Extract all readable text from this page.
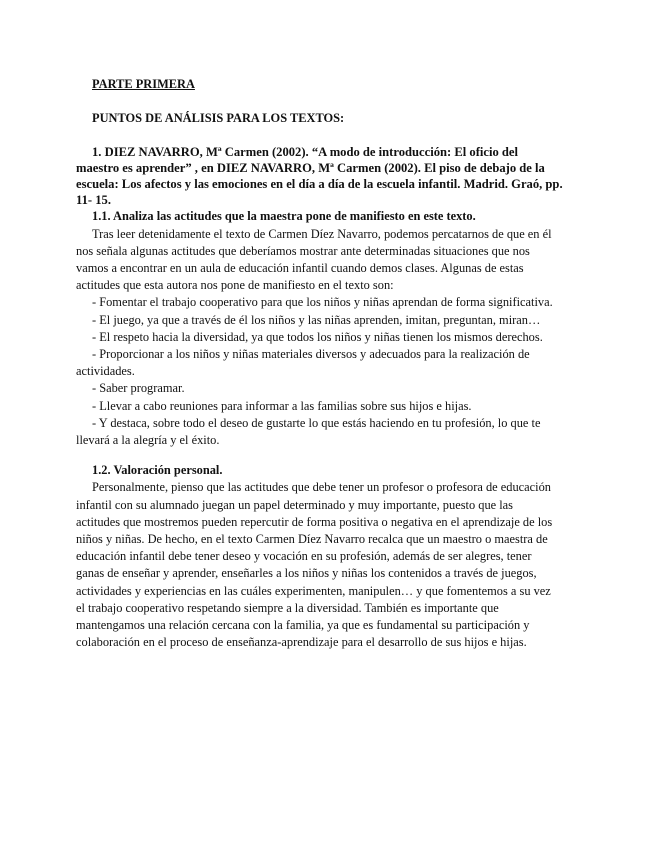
PARTE PRIMERA

PUNTOS DE ANÁLISIS PARA LOS TEXTOS:

1. DIEZ NAVARRO, Mª Carmen (2002). “A modo de introducción: El oficio del

maestro es aprender” , en DIEZ NAVARRO, Mª Carmen (2002). El piso de debajo de la

escuela: Los afectos y las emociones en el día a día de la escuela infantil. Madrid. Graó, pp.

11- 15.

1.1. Analiza las actitudes que la maestra pone de manifiesto en este texto.

Tras leer detenidamente el texto de Carmen Díez Navarro, podemos percatarnos de que en él

nos señala algunas actitudes que deberíamos mostrar ante determinadas situaciones que nos

vamos a encontrar en un aula de educación infantil cuando demos clases. Algunas de estas

actitudes que esta autora nos pone de manifiesto en el texto son:

- Fomentar el trabajo cooperativo para que los niños y niñas aprendan de forma significativa.

- El juego, ya que a través de él los niños y las niñas aprenden, imitan, preguntan, miran…

- El respeto hacia la diversidad, ya que todos los niños y niñas tienen los mismos derechos.

- Proporcionar a los niños y niñas materiales diversos y adecuados para la realización de

actividades.

- Saber programar.

- Llevar a cabo reuniones para informar a las familias sobre sus hijos e hijas.

- Y destaca, sobre todo el deseo de gustarte lo que estás haciendo en tu profesión, lo que te

llevará a la alegría y el éxito.

1.2. Valoración personal.

Personalmente, pienso que las actitudes que debe tener un profesor o profesora de educación

infantil con su alumnado juegan un papel determinado y muy importante, puesto que las

actitudes que mostremos pueden repercutir de forma positiva o negativa en el aprendizaje de los

niños y niñas. De hecho, en el texto Carmen Díez Navarro recalca que un maestro o maestra de

educación infantil debe tener deseo y vocación en su profesión, además de ser alegres, tener

ganas de enseñar y aprender, enseñarles a los niños y niñas los contenidos a través de juegos,

actividades y experiencias en las cuáles experimenten, manipulen… y que fomentemos a su vez

el trabajo cooperativo respetando siempre a la diversidad. También es importante que

mantengamos una relación cercana con la familia, ya que es fundamental su participación y

colaboración en el proceso de enseñanza-aprendizaje para el desarrollo de sus hijos e hijas.
